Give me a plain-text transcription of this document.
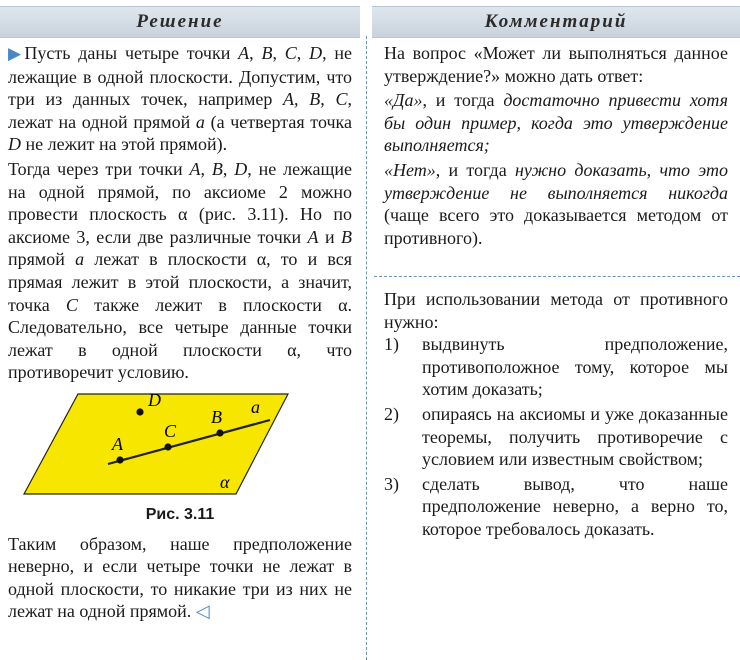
Решение	Комментарий

▶Пусть даны четыре точки A, B, C, D, не лежащие в одной плоскости. Допустим, что три из данных точек, например A, B, C, лежат на одной прямой a (а четвертая точка D не лежит на этой прямой).

Тогда через три точки A, B, D, не лежащие на одной прямой, по аксиоме 2 можно провести плоскость α (рис. 3.11). Но по аксиоме 3, если две различные точки A и B прямой a лежат в плоскости α, то и вся прямая лежит в этой плоскости, а значит, точка C также лежит в плоскости α. Следовательно, все четыре данные точки лежат в одной плоскости α, что противоречит условию.

D
A
C
B a
α
Рис. 3.11

Таким образом, наше предположение неверно, и если четыре точки не лежат в одной плоскости, то никакие три из них не лежат на одной прямой. ◁

На вопрос «Может ли выполняться данное утверждение?» можно дать ответ:

«Да», и тогда достаточно привести хотя бы один пример, когда это утверждение выполняется;

«Нет», и тогда нужно доказать, что это утверждение не выполняется никогда (чаще всего это доказывается методом от противного).

При использовании метода от противного нужно:

1) выдвинуть предположение, противоположное тому, которое мы хотим доказать;
2) опираясь на аксиомы и уже доказанные теоремы, получить противоречие с условием или известным свойством;
3) сделать вывод, что наше предположение неверно, а верно то, которое требовалось доказать.
